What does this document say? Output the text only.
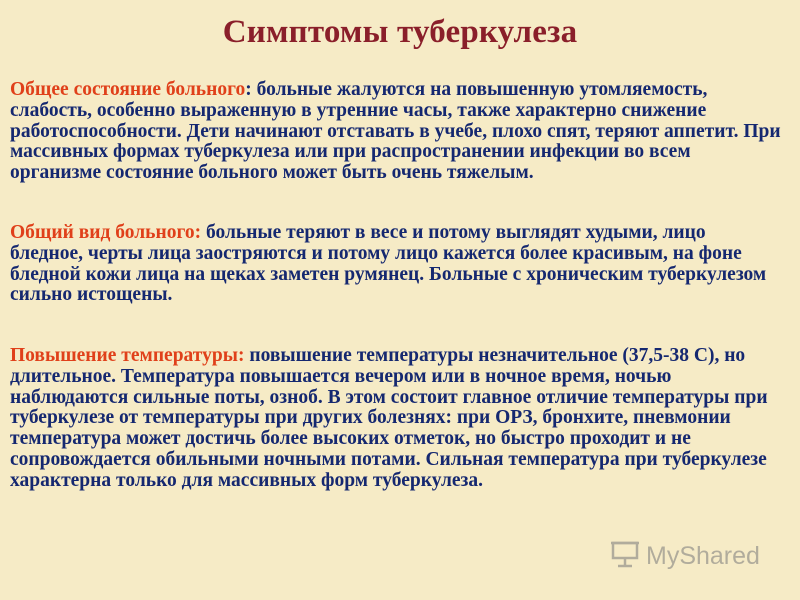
Симптомы туберкулеза

Общее состояние больного: больные жалуются на повышенную утомляемость, слабость, особенно выраженную в утренние часы, также характерно снижение работоспособности. Дети начинают отставать в учебе, плохо спят, теряют аппетит. При массивных формах туберкулеза или при распространении инфекции во всем организме состояние больного может быть очень тяжелым.

Общий вид больного: больные теряют в весе и потому выглядят худыми, лицо бледное, черты лица заостряются и потому лицо кажется более красивым, на фоне бледной кожи лица на щеках заметен румянец. Больные с хроническим туберкулезом сильно истощены.

Повышение температуры: повышение температуры незначительное (37,5-38 С), но длительное. Температура повышается вечером или в ночное время, ночью наблюдаются сильные поты, озноб. В этом состоит главное отличие температуры при туберкулезе от температуры при других болезнях: при ОРЗ, бронхите, пневмонии температура может достичь более высоких отметок, но быстро проходит и не сопровождается обильными ночными потами. Сильная температура при туберкулезе характерна только для массивных форм туберкулеза.

MyShared
